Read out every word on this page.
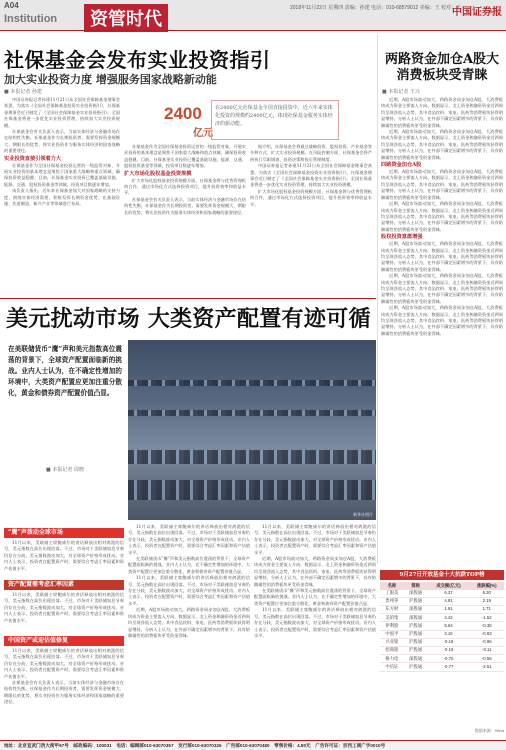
A04
Institution	资管时代
2018年11月22日 星期四 责编：孙建 电话：010-68579012 美编：王 校对：王
中国证券报
社保基金会发布实业投资指引
加大实业投资力度 增强服务国家战略新动能
■ 本报记者 孙建

中国证券报记者孙建11月21日从全国社会保障基金理事会获悉，为落实《全国社会保障基金投资实业投资指引》，社保基金理事会近日制定了《全国社会保障基金实业投资指引》。全国社保基金将进一步优化实业投资管理，持续加大实业投资规模。

社保基金会有关负责人表示，当前实体经济与金融市场存在结构性失衡。社保基金作为长期投资者，需要发挥资金规模大、期限长的优势，将实业投资作为服务实体经济和国家战略的重要途径。

实业投资直接引领着力大

社保基金作为全国社保基金投资运营的一级监管对象，开展实业投资的基本理念是聚焦于国家重大战略和重点领域，确保投资收益稳健。目前，社保基金实业投资已覆盖基础设施、能源、交通、股权投资基金等领域，投资项目数逐年增加。

该负责人指出，近年来社保基金加大对国家战略的支持力度，围绕实体经济需要，积极发挥长期资金优势，在基础设施、先进制造、新兴产业等领域进行布局。

2400
亿元
在2400亿元社保基金全国直接投资中，近六年来实体化投资的规模约2400亿元，体现社保基金服务实体经济的新动能。

社保基金作为全国社保基金投资运营的一级监管对象，开展实业投资的基本理念是聚焦于国家重大战略和重点领域，确保投资收益稳健。目前，社保基金实业投资已覆盖基础设施、能源、交通、股权投资基金等领域，投资项目数逐年增加。

扩大市场化股权基金投资规模

扩大市场化股权基金投资规模方面，社保基金将与优秀管理机构合作，通过市场化方式选择投资项目，提升投资效率和收益水平。

社保基金会有关负责人表示，当前实体经济与金融市场存在结构性失衡。社保基金作为长期投资者，需要发挥资金规模大、期限长的优势，将实业投资作为服务实体经济和国家战略的重要途径。

据介绍，社保基金会将通过战略投资、股权投资、产业基金等多种方式，扩大实业投资规模。在风险控制方面，社保基金会将严格执行尽职调查、投资决策和投后管理制度。

中国证券报记者孙建11月21日从全国社会保障基金理事会获悉，为落实《全国社会保障基金投资实业投资指引》，社保基金理事会近日制定了《全国社会保障基金实业投资指引》。全国社保基金将进一步优化实业投资管理，持续加大实业投资规模。

扩大市场化股权基金投资规模方面，社保基金将与优秀管理机构合作，通过市场化方式选择投资项目，提升投资效率和收益水平。

两路资金加仓A股大消费板块受青睐
■ 本报记者 王兴

近期，A股市场波动加大，两路资金同步加仓A股，大消费板块成为资金主要流入方向。数据显示，北上资金和融资资金近两周均呈现净流入态势，其中食品饮料、家电、医药等消费板块获得明显增持。分析人士认为，在外部不确定因素增多的背景下，具有防御属性的消费板块更受资金青睐。

近期，A股市场波动加大，两路资金同步加仓A股，大消费板块成为资金主要流入方向。数据显示，北上资金和融资资金近两周均呈现净流入态势，其中食品饮料、家电、医药等消费板块获得明显增持。分析人士认为，在外部不确定因素增多的背景下，具有防御属性的消费板块更受资金青睐。

四路资金加仓A股

近期，A股市场波动加大，两路资金同步加仓A股，大消费板块成为资金主要流入方向。数据显示，北上资金和融资资金近两周均呈现净流入态势，其中食品饮料、家电、医药等消费板块获得明显增持。分析人士认为，在外部不确定因素增多的背景下，具有防御属性的消费板块更受资金青睐。

近期，A股市场波动加大，两路资金同步加仓A股，大消费板块成为资金主要流入方向。数据显示，北上资金和融资资金近两周均呈现净流入态势，其中食品饮料、家电、医药等消费板块获得明显增持。分析人士认为，在外部不确定因素增多的背景下，具有防御属性的消费板块更受资金青睐。

股权投资意愿增强

近期，A股市场波动加大，两路资金同步加仓A股，大消费板块成为资金主要流入方向。数据显示，北上资金和融资资金近两周均呈现净流入态势，其中食品饮料、家电、医药等消费板块获得明显增持。分析人士认为，在外部不确定因素增多的背景下，具有防御属性的消费板块更受资金青睐。

近期，A股市场波动加大，两路资金同步加仓A股，大消费板块成为资金主要流入方向。数据显示，北上资金和融资资金近两周均呈现净流入态势，其中食品饮料、家电、医药等消费板块获得明显增持。分析人士认为，在外部不确定因素增多的背景下，具有防御属性的消费板块更受资金青睐。

近期，A股市场波动加大，两路资金同步加仓A股，大消费板块成为资金主要流入方向。数据显示，北上资金和融资资金近两周均呈现净流入态势，其中食品饮料、家电、医药等消费板块获得明显增持。分析人士认为，在外部不确定因素增多的背景下，具有防御属性的消费板块更受资金青睐。

美元扰动市场 大类资产配置有迹可循
在美联储货币“鹰”声和美元指数高位震荡的背景下，全球资产配置面临新的挑战。业内人士认为，在不确定性增加的环境中，大类资产配置应更加注重分散化，黄金和债券资产配置价值凸显。
■ 本报记者 周晓
新华社图片
“鹰”声拨动全球市场

11月以来，美联储主席鲍威尔的讲话释放出相对鸽派的信号，美元指数在高位出现回落。不过，市场对于美联储加息节奏仍存在分歧，美元指数波动加大，对全球资产价格形成扰动。业内人士表示，投资者在配置资产时，需要综合考虑汇率因素和资产估值水平。

资产配置需考虑汇率因素

11月以来，美联储主席鲍威尔的讲话释放出相对鸽派的信号，美元指数在高位出现回落。不过，市场对于美联储加息节奏仍存在分歧，美元指数波动加大，对全球资产价格形成扰动。业内人士表示，投资者在配置资产时，需要综合考虑汇率因素和资产估值水平。

中国资产或迎估值修复

11月以来，美联储主席鲍威尔的讲话释放出相对鸽派的信号，美元指数在高位出现回落。不过，市场对于美联储加息节奏仍存在分歧，美元指数波动加大，对全球资产价格形成扰动。业内人士表示，投资者在配置资产时，需要综合考虑汇率因素和资产估值水平。

社保基金会有关负责人表示，当前实体经济与金融市场存在结构性失衡。社保基金作为长期投资者，需要发挥资金规模大、期限长的优势，将实业投资作为服务实体经济和国家战略的重要途径。

11月以来，美联储主席鲍威尔的讲话释放出相对鸽派的信号，美元指数在高位出现回落。不过，市场对于美联储加息节奏仍存在分歧，美元指数波动加大，对全球资产价格形成扰动。业内人士表示，投资者在配置资产时，需要综合考虑汇率因素和资产估值水平。

在美联储货币“鹰”声和美元指数高位震荡的背景下，全球资产配置面临新的挑战。业内人士认为，在不确定性增加的环境中，大类资产配置应更加注重分散化，黄金和债券资产配置价值凸显。

11月以来，美联储主席鲍威尔的讲话释放出相对鸽派的信号，美元指数在高位出现回落。不过，市场对于美联储加息节奏仍存在分歧，美元指数波动加大，对全球资产价格形成扰动。业内人士表示，投资者在配置资产时，需要综合考虑汇率因素和资产估值水平。

近期，A股市场波动加大，两路资金同步加仓A股，大消费板块成为资金主要流入方向。数据显示，北上资金和融资资金近两周均呈现净流入态势，其中食品饮料、家电、医药等消费板块获得明显增持。分析人士认为，在外部不确定因素增多的背景下，具有防御属性的消费板块更受资金青睐。

11月以来，美联储主席鲍威尔的讲话释放出相对鸽派的信号，美元指数在高位出现回落。不过，市场对于美联储加息节奏仍存在分歧，美元指数波动加大，对全球资产价格形成扰动。业内人士表示，投资者在配置资产时，需要综合考虑汇率因素和资产估值水平。

近期，A股市场波动加大，两路资金同步加仓A股，大消费板块成为资金主要流入方向。数据显示，北上资金和融资资金近两周均呈现净流入态势，其中食品饮料、家电、医药等消费板块获得明显增持。分析人士认为，在外部不确定因素增多的背景下，具有防御属性的消费板块更受资金青睐。

在美联储货币“鹰”声和美元指数高位震荡的背景下，全球资产配置面临新的挑战。业内人士认为，在不确定性增加的环境中，大类资产配置应更加注重分散化，黄金和债券资产配置价值凸显。

11月以来，美联储主席鲍威尔的讲话释放出相对鸽派的信号，美元指数在高位出现回落。不过，市场对于美联储加息节奏仍存在分歧，美元指数波动加大，对全球资产价格形成扰动。业内人士表示，投资者在配置资产时，需要综合考虑汇率因素和资产估值水平。

9月27日开放基金十大抗跌TOP榜
名称	简称	成交额(亿元)	涨跌幅(%)
工银美	深股通	6.37	5.30
贵州茅	沪股通	4.91	2.19
东方财	深股通	1.91	1.71
美的集	深股通	4.42	-1.52
伊利股	沪股通	5.64	-0.38
中国平	沪股通	3.16	-0.83
兴业银	沪股通	-0.18	-0.96
招商银	沪股通	-0.16	-0.11
格力电	深股通	-0.70	-0.55
中信证	沪股通	-0.77	-2.51
数据来源：Wind
地址：北京宣武门西大街甲97号　邮政编码：100031　电话：编辑部010-63070357　发行部010-63070326　广告部010-63070480　零售价格：4.80元　广告许可证：京西工商广字0010号
